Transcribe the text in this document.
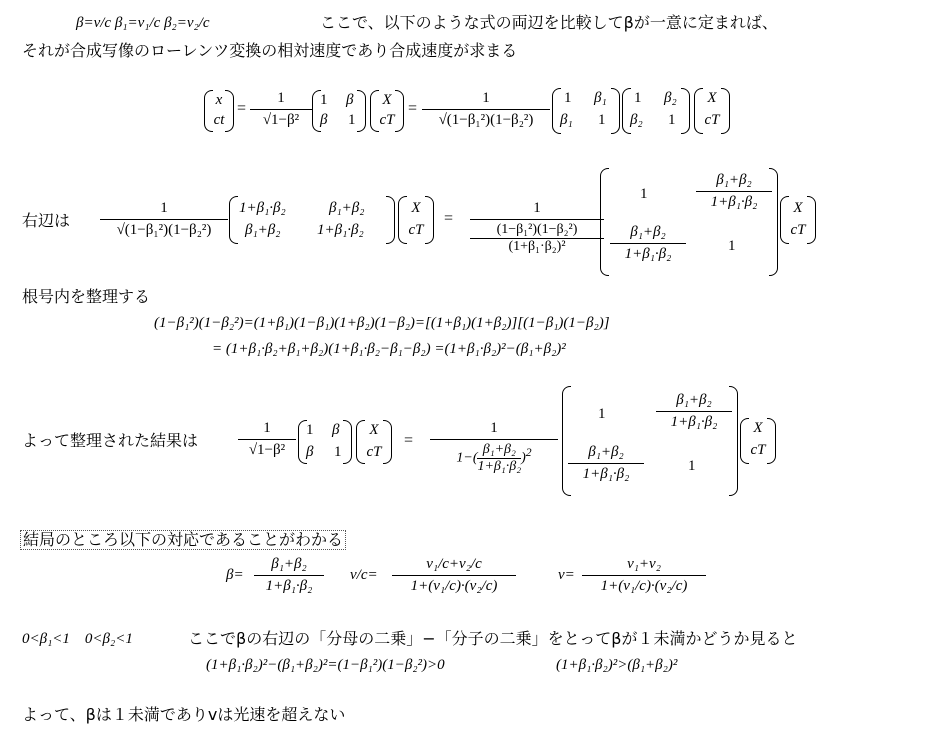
β=v/c β₁=v₁/c β₂=v₂/c	ここで、以下のような式の両辺を比較してβが一意に定まれば、
それが合成写像のローレンツ変換の相対速度であり合成速度が求まる
x
ct
= $\frac{1}{\text{√1−β²}} 1$ β
β 1
X
cT
= $\frac{1}{\text{√(1−β₁²)(1−β₂²)}} 1$ β₁
β₁ 1
1 β₂
β₂ 1
X
cT
右辺は $\frac{1}{\text{√(1−β₁²)(1−β₂²)}} 1+\beta_1\cdot\beta_2$	β₁+β₂
β₁+β₂ 1+β₁·β₂
X
cT
= 1
(1−β₁²)(1−β₂²)
(1+β₁·β₂)²
1	$\frac{\text{β₁+β₂}}{\text{1+β₁·β₂}}$
$\frac{\text{β₁+β₂}}{\text{1+β₁·β₂}}$	1
X
cT
根号内を整理する
(1−β₁²)(1−β₂²)=(1+β₁)(1−β₁)(1+β₂)(1−β₂)=[(1+β₁)(1+β₂)][(1−β₁)(1−β₂)]
= (1+β₁·β₂+β₁+β₂)(1+β₁·β₂−β₁−β₂) =(1+β₁·β₂)²−(β₁+β₂)²
よって整理された結果は	$\frac{1}{\text{√1−β²}} 1$ β
β 1
X
cT
= $\frac{1}{1-( \frac{\text{β₁+β₂}}{\text{1+β₁·β₂}} )^2}$
1	$\frac{\text{β₁+β₂}}{\text{1+β₁·β₂}}$
$\frac{\text{β₁+β₂}}{\text{1+β₁·β₂}}$	1
X
cT
結局のところ以下の対応であることがわかる
$\beta= \frac{\text{β₁+β₂}}{\text{1+β₁·β₂}} v/c= \frac{\text{v₁/c+v₂/c}}{\text{1+(v₁/c)·(v₂/c)}}$	$v= \frac{\text{v₁+v₂}}{\text{1+(v₁/c)·(v₂/c)}}$
0<β₁<1　0<β₂<1	ここでβの右辺の「分母の二乗」−「分子の二乗」をとってβが１未満かどうか見ると
(1+β₁·β₂)²−(β₁+β₂)²=(1−β₁²)(1−β₂²)>0	(1+β₁·β₂)²>(β₁+β₂)²
よって、βは１未満でありvは光速を超えない
